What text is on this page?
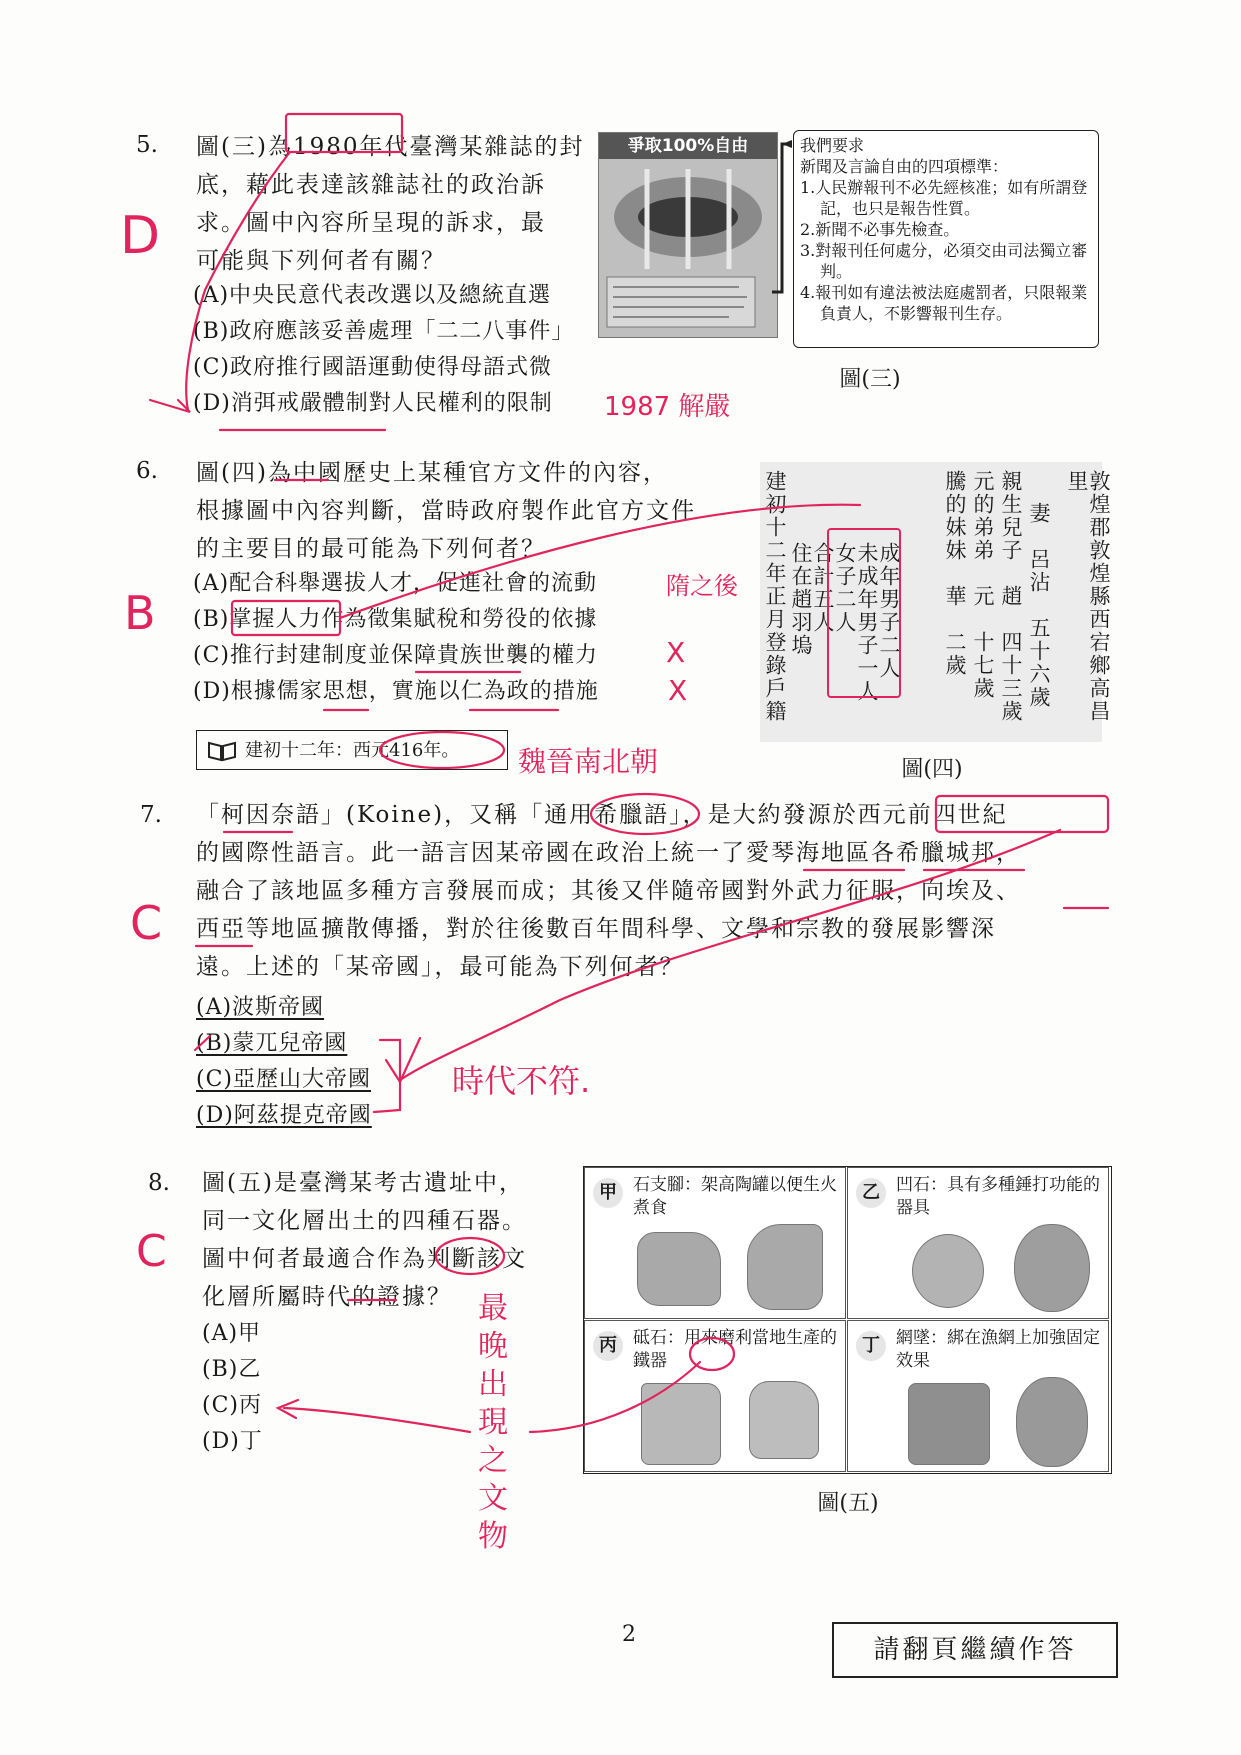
5. 圖(三)為1980年代臺灣某雜誌的封
底，藉此表達該雜誌社的政治訴
求。圖中內容所呈現的訴求，最
可能與下列何者有關？
(A)中央民意代表改選以及總統直選
(B)政府應該妥善處理「二二八事件」
(C)政府推行國語運動使得母語式微
(D)消弭戒嚴體制對人民權利的限制
爭取100%自由	我們要求
新聞及言論自由的四項標準：
1.人民辦報刊不必先經核准；如有所謂登記，也只是報告性質。
2.新聞不必事先檢查。
3.對報刊任何處分，必須交由司法獨立審判。
4.報刊如有違法被法庭處罰者，只限報業負責人，不影響報刊生存。
圖(三)
D
1987 解嚴
6. 圖(四)為中國歷史上某種官方文件的內容，
根據圖中內容判斷，當時政府製作此官方文件
的主要目的最可能為下列何者？
(A)配合科舉選拔人才，促進社會的流動
(B)掌握人力作為徵集賦稅和勞役的依據
(C)推行封建制度並保障貴族世襲的權力
(D)根據儒家思想，實施以仁為政的措施
建初十二年：西元416年。
敦煌郡敦煌縣西宕鄉高昌里
妻　呂沾　五十六歲
親生兒子　趙　四十三歲
元的弟弟　元　十七歲
騰的妹妹　華　二歲
成年男子二人
未成年男子一人
女子二人
合計五人
住在趙羽塢
建初十二年正月登錄戶籍
圖(四)
B	隋之後
X
X
魏晉南北朝
7. 「柯因奈語」(Koine)，又稱「通用希臘語」，是大約發源於西元前四世紀
的國際性語言。此一語言因某帝國在政治上統一了愛琴海地區各希臘城邦，
融合了該地區多種方言發展而成；其後又伴隨帝國對外武力征服，向埃及、
西亞等地區擴散傳播，對於往後數百年間科學、文學和宗教的發展影響深
遠。上述的「某帝國」，最可能為下列何者？
(A)波斯帝國
(B)蒙兀兒帝國
(C)亞歷山大帝國
(D)阿茲提克帝國
C
時代不符.
8. 圖(五)是臺灣某考古遺址中，
同一文化層出土的四種石器。
圖中何者最適合作為判斷該文
化層所屬時代的證據？
(A)甲
(B)乙
(C)丙
(D)丁
甲 石支腳：架高陶罐以便生火煮食
乙 凹石：具有多種錘打功能的器具
丙 砥石：用來磨利當地生產的鐵器
丁 網墜：綁在漁網上加強固定效果
圖(五)
C
最晚出現之文物
2
請翻頁繼續作答
